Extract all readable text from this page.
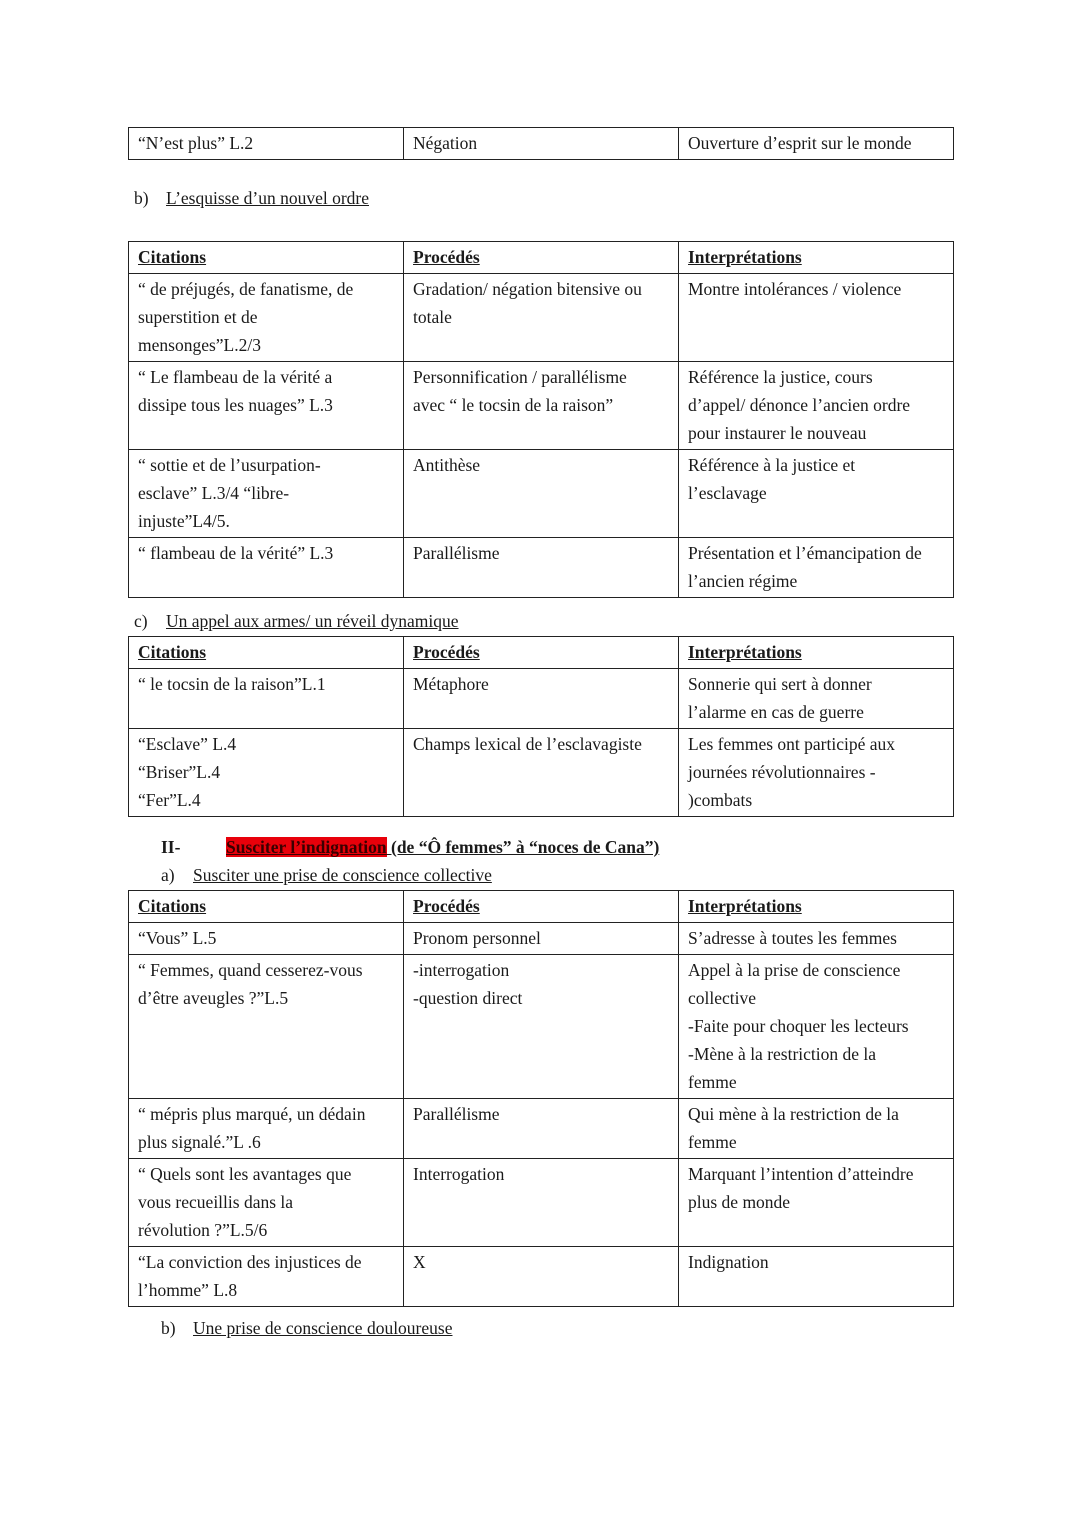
“N’est plus” L.2	Négation	Ouverture d’esprit sur le monde
b) L’esquisse d’un nouvel ordre
Citations	Procédés	Interprétations

“ de préjugés, de fanatisme, de
superstition et de
mensonges”L.2/3	Gradation/ négation bitensive ou
totale	Montre intolérances / violence

“ Le flambeau de la vérité a
dissipe tous les nuages” L.3	Personnification / parallélisme
avec “ le tocsin de la raison”	Référence la justice, cours
d’appel/ dénonce l’ancien ordre
pour instaurer le nouveau

“ sottie et de l’usurpation-
esclave” L.3/4 “libre-
injuste”L4/5.	Antithèse	Référence à la justice et
l’esclavage

“ flambeau de la vérité” L.3	Parallélisme	Présentation et l’émancipation de
l’ancien régime
c) Un appel aux armes/ un réveil dynamique
Citations	Procédés	Interprétations

“ le tocsin de la raison”L.1	Métaphore	Sonnerie qui sert à donner
l’alarme en cas de guerre

“Esclave” L.4
“Briser”L.4
“Fer”L.4	Champs lexical de l’esclavagiste	Les femmes ont participé aux
journées révolutionnaires -
)combats
II-	Susciter l’indignation (de “Ô femmes” à “noces de Cana”)
a) Susciter une prise de conscience collective
Citations	Procédés	Interprétations

“Vous” L.5	Pronom personnel	S’adresse à toutes les femmes

“ Femmes, quand cesserez-vous
d’être aveugles ?”L.5	-interrogation
-question direct	Appel à la prise de conscience
collective
-Faite pour choquer les lecteurs
-Mène à la restriction de la
femme

“ mépris plus marqué, un dédain
plus signalé.”L .6	Parallélisme	Qui mène à la restriction de la
femme

“ Quels sont les avantages que
vous recueillis dans la
révolution ?”L.5/6	Interrogation	Marquant l’intention d’atteindre
plus de monde

“La conviction des injustices de
l’homme” L.8	X	Indignation
b) Une prise de conscience douloureuse
